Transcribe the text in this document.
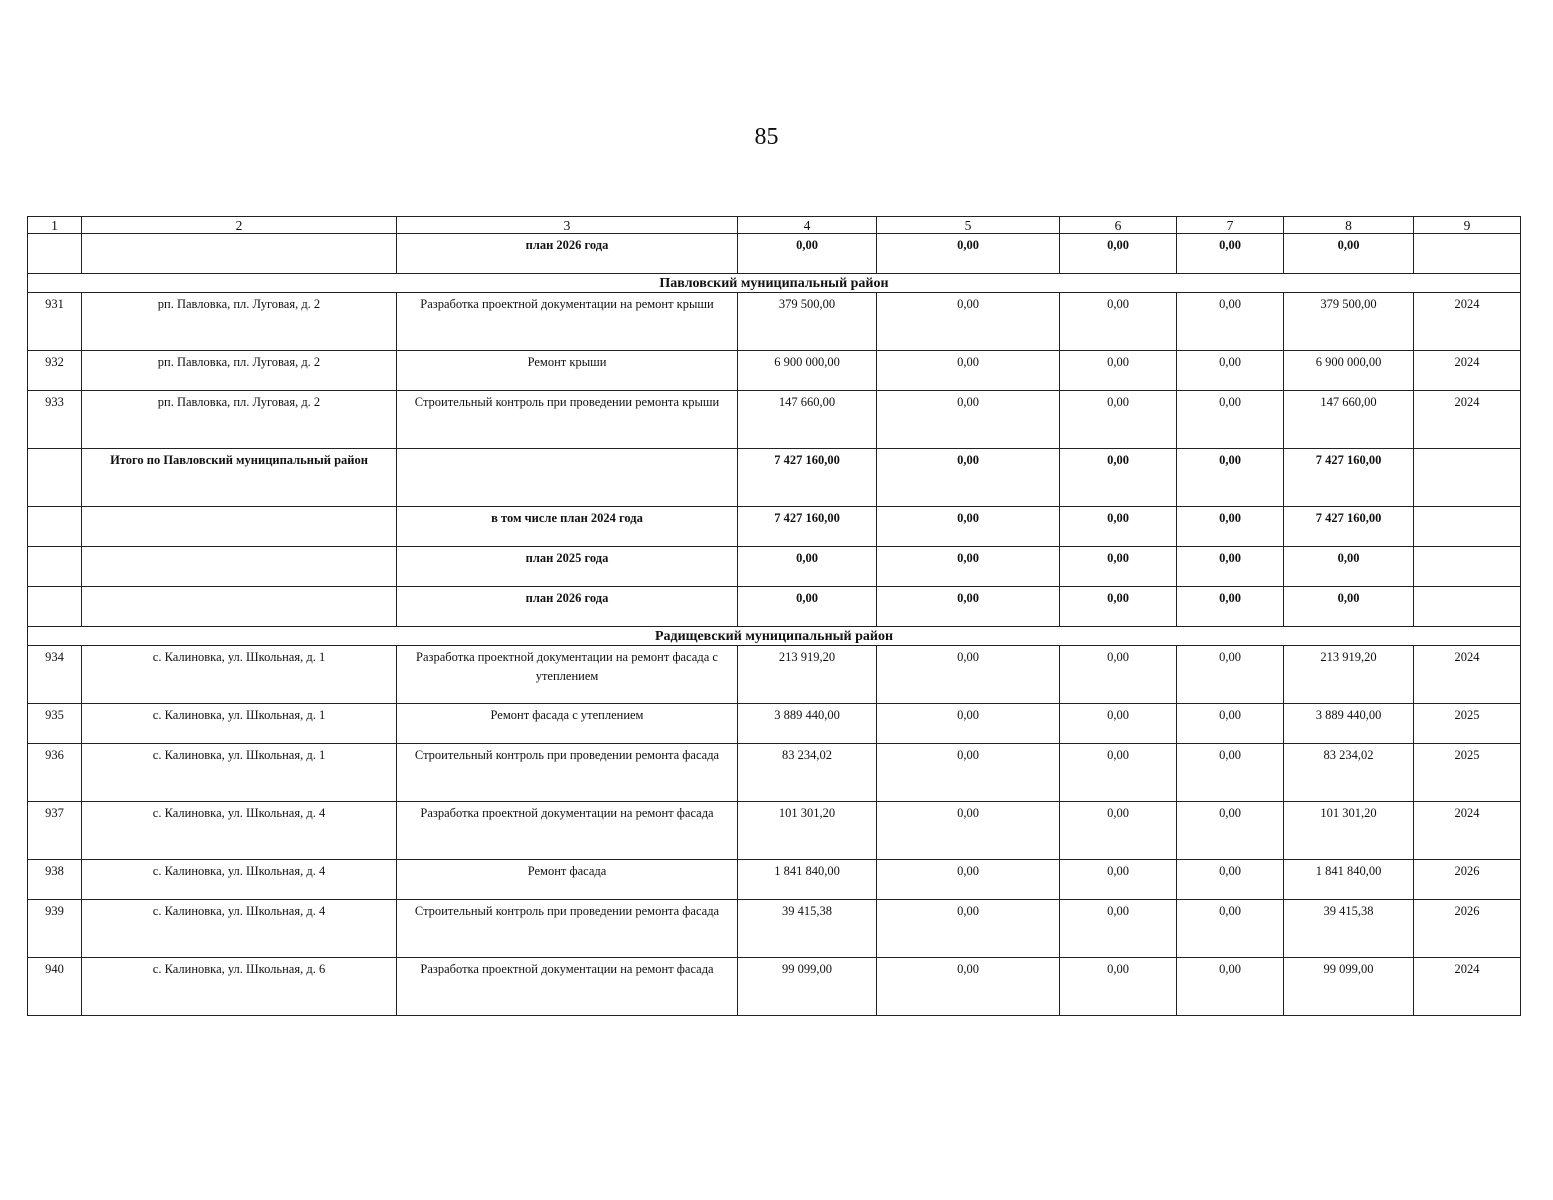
85
1	2	3	4	5	6	7	8	9
		план 2026 года	0,00	0,00	0,00	0,00	0,00	
Павловский муниципальный район								
931	рп. Павловка, пл. Луговая, д. 2	Разработка проектной документации на ремонт крыши	379 500,00	0,00	0,00	0,00	379 500,00	2024
932	рп. Павловка, пл. Луговая, д. 2	Ремонт крыши	6 900 000,00	0,00	0,00	0,00	6 900 000,00	2024
933	рп. Павловка, пл. Луговая, д. 2	Строительный контроль при проведении ремонта крыши	147 660,00	0,00	0,00	0,00	147 660,00	2024
	Итого по Павловский муниципальный район		7 427 160,00	0,00	0,00	0,00	7 427 160,00	
		в том числе план 2024 года	7 427 160,00	0,00	0,00	0,00	7 427 160,00	
		план 2025 года	0,00	0,00	0,00	0,00	0,00	
		план 2026 года	0,00	0,00	0,00	0,00	0,00	
Радищевский муниципальный район								
934	с. Калиновка, ул. Школьная, д. 1	Разработка проектной документации на ремонт фасада с утеплением	213 919,20	0,00	0,00	0,00	213 919,20	2024
935	с. Калиновка, ул. Школьная, д. 1	Ремонт фасада с утеплением	3 889 440,00	0,00	0,00	0,00	3 889 440,00	2025
936	с. Калиновка, ул. Школьная, д. 1	Строительный контроль при проведении ремонта фасада	83 234,02	0,00	0,00	0,00	83 234,02	2025
937	с. Калиновка, ул. Школьная, д. 4	Разработка проектной документации на ремонт фасада	101 301,20	0,00	0,00	0,00	101 301,20	2024
938	с. Калиновка, ул. Школьная, д. 4	Ремонт фасада	1 841 840,00	0,00	0,00	0,00	1 841 840,00	2026
939	с. Калиновка, ул. Школьная, д. 4	Строительный контроль при проведении ремонта фасада	39 415,38	0,00	0,00	0,00	39 415,38	2026
940	с. Калиновка, ул. Школьная, д. 6	Разработка проектной документации на ремонт фасада	99 099,00	0,00	0,00	0,00	99 099,00	2024
